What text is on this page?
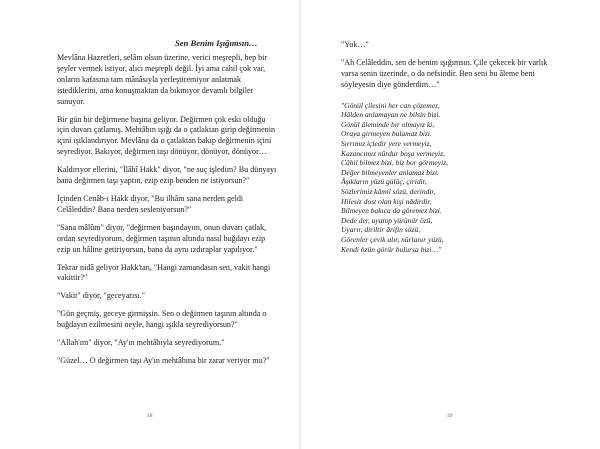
Sen Benim Işığımsın…

Mevlâna Hazretleri, selâm olsun üzerine, verici meşrepli, hep bir şeyler vermek istiyor, alıcı meşrepli değil. İyi ama cahil çok var, onların kafasına tam mânâsıyla yerleştiremiyor anlatmak istediklerini, ama konuşmaktan da bıkmıyor devamlı bilgiler sunuyor.

Bir gün bir değirmene başına geliyor. Değirmen çok eski olduğu için duvarı çatlamış. Mehtâbın ışığı da o çatlaktan girip değirmenin içini ışıklandırıyor. Mevlâna da o çatlaktan bakıp değirmenin içini seyrediyor. Bakıyor, değirmen taşı dönüyor, dönüyor, dönüyor…

Kaldırıyor ellerini, "İlâhî Hakk" diyor, "ne suç işledim? Bu dünyayı bana değirmen taşı yaptın, ezip ezip benden ne istiyorsun?"

İçinden Cenâb-ı Hakk diyor, "Bu ilhâm sana nerden geldi Celâleddin? Bana nerden sesleniyorsun?"

"Sana mâlûm" diyor, "değirmen başındayım, onun duvarı çatlak, ordan seyrediyorum, değirmen taşının altında nasıl buğdayı ezip ezip un hâline getiriyorsun, bana da aynı ızdıraplar yapılıyor."

Tekrar nidâ geliyor Hakk'tan, "Hangi zamandasın sen, vakit hangi vakittir?"

"Vakit" diyor, "geceyarısı."

"Gün geçmiş, geceye girmişsin. Sen o değirmen taşının altında o buğdayın ezilmesini neyle, hangi ışıkla seyrediyorsun?"

"Allah'ım" diyor, "Ay'ın mehtâbıyla seyrediyorum."

"Güzel… O değirmen taşı Ay'ın mehtâbına bir zarar veriyor mu?"

48

"Yok…"

"Ah Celâleddin, sen de benim ışığımsın. Çile çekecek bir varlık varsa senin üzerinde, o da nefsindir. Ben seni bu âleme beni söyleyesin diye gönderdim…"

"Gönül çilesini her can çözemez,
Hâlden anlamayan ne bilsin bizi.
Gönül âleminde bir olmayız ki,
Oraya girmeyen bulamaz bizi.
Sırrımız içtedir yere vermeyiz,
Kazancımız nûrdur boşa vermeyiz,
Câhil bilmez bizi, biz bor görmeyiz,
Değer bilmeyenler anlamaz bizi.
Âşıkların yüzü gülüç, çiridir,
Sözlerimiz kâmil sözü, derindir,
Hilesiz dost olan kişi nâdirdir,
Bilmeyen bakıca da göremez bizi.
Dede der, uyanıp yürünür özü,
Uyarır, diriltir ârifin sözü,
Görenler çevik alır, nûrlanır yüzü,
Kendi özün görür bulursa bizi…"
49
